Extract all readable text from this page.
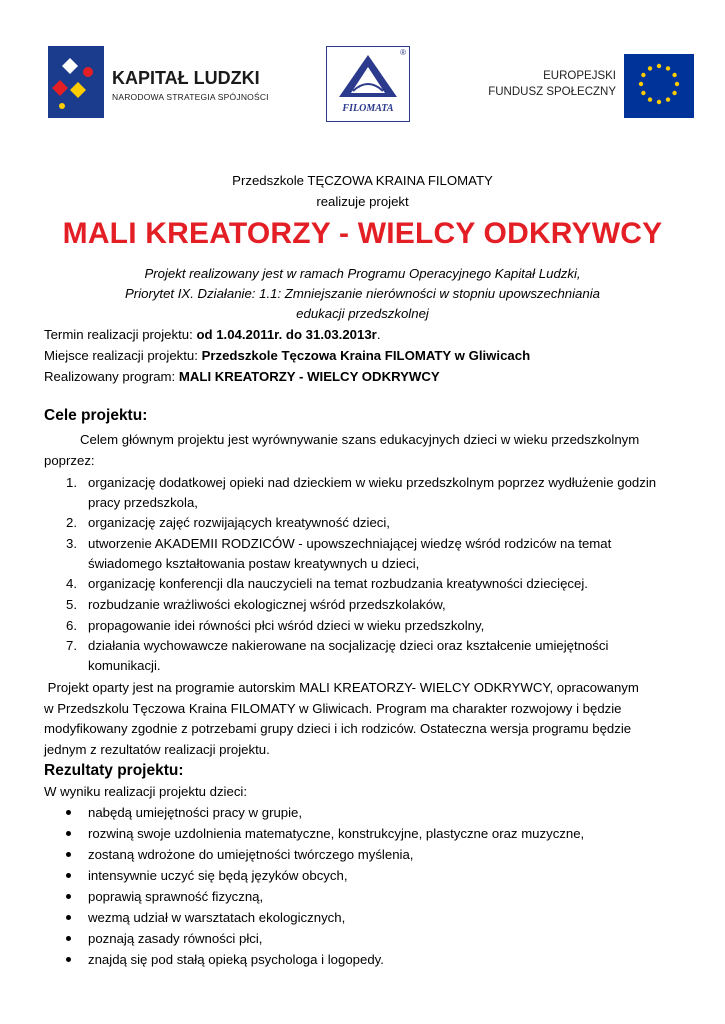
KAPITAŁ LUDZKI
NARODOWA STRATEGIA SPÓJNOŚCI
®
FILOMATA
EUROPEJSKI
FUNDUSZ SPOŁECZNY
Przedszkole TĘCZOWA KRAINA FILOMATY
realizuje projekt
MALI KREATORZY - WIELCY ODKRYWCY
Projekt realizowany jest w ramach Programu Operacyjnego Kapitał Ludzki,
Priorytet IX. Działanie: 1.1: Zmniejszanie nierówności w stopniu upowszechniania
edukacji przedszkolnej
Termin realizacji projektu: od 1.04.2011r. do 31.03.2013r.
Miejsce realizacji projektu: Przedszkole Tęczowa Kraina FILOMATY w Gliwicach
Realizowany program: MALI KREATORZY - WIELCY ODKRYWCY
Cele projektu:
Celem głównym projektu jest wyrównywanie szans edukacyjnych dzieci w wieku przedszkolnym
poprzez:
1. organizację dodatkowej opieki nad dzieckiem w wieku przedszkolnym poprzez wydłużenie godzin
pracy przedszkola,
2. organizację zajęć rozwijających kreatywność dzieci,
3. utworzenie AKADEMII RODZICÓW - upowszechniającej wiedzę wśród rodziców na temat
świadomego kształtowania postaw kreatywnych u dzieci,
4. organizację konferencji dla nauczycieli na temat rozbudzania kreatywności dziecięcej.
5. rozbudzanie wrażliwości ekologicznej wśród przedszkolaków,
6. propagowanie idei równości płci wśród dzieci w wieku przedszkolny,
7. działania wychowawcze nakierowane na socjalizację dzieci oraz kształcenie umiejętności
komunikacji.
Projekt oparty jest na programie autorskim MALI KREATORZY- WIELCY ODKRYWCY, opracowanym
w Przedszkolu Tęczowa Kraina FILOMATY w Gliwicach. Program ma charakter rozwojowy i będzie
modyfikowany zgodnie z potrzebami grupy dzieci i ich rodziców. Ostateczna wersja programu będzie
jednym z rezultatów realizacji projektu.
Rezultaty projektu:
W wyniku realizacji projektu dzieci:
nabędą umiejętności pracy w grupie,
rozwiną swoje uzdolnienia matematyczne, konstrukcyjne, plastyczne oraz muzyczne,
zostaną wdrożone do umiejętności twórczego myślenia,
intensywnie uczyć się będą języków obcych,
poprawią sprawność fizyczną,
wezmą udział w warsztatach ekologicznych,
poznają zasady równości płci,
znajdą się pod stałą opieką psychologa i logopedy.
